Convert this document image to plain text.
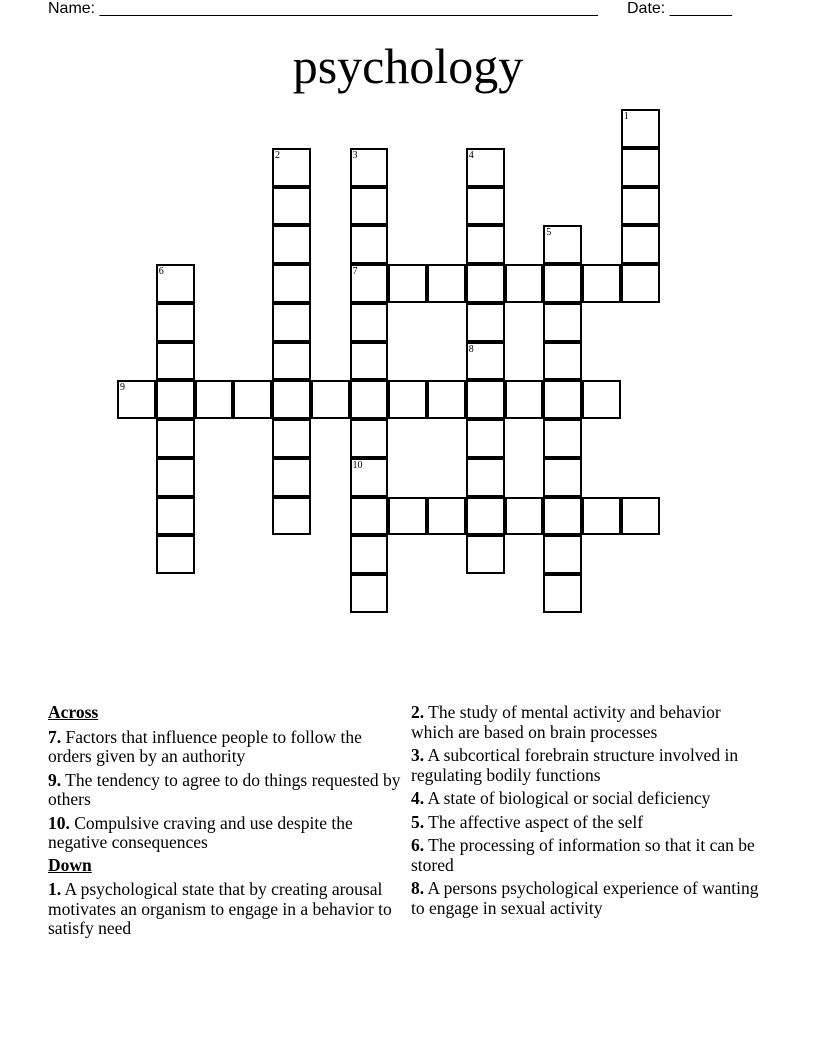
Name: ________________________________________________________ Date: _______
psychology
1
2	3
7
10
4
8
5
6
9
Across
7. Factors that influence people to follow the orders given by an authority
9. The tendency to agree to do things requested by others
10. Compulsive craving and use despite the negative consequences
Down
1. A psychological state that by creating arousal motivates an organism to engage in a behavior to satisfy need
2. The study of mental activity and behavior which are based on brain processes
3. A subcortical forebrain structure involved in regulating bodily functions
4. A state of biological or social deficiency
5. The affective aspect of the self
6. The processing of information so that it can be stored
8. A persons psychological experience of wanting to engage in sexual activity
